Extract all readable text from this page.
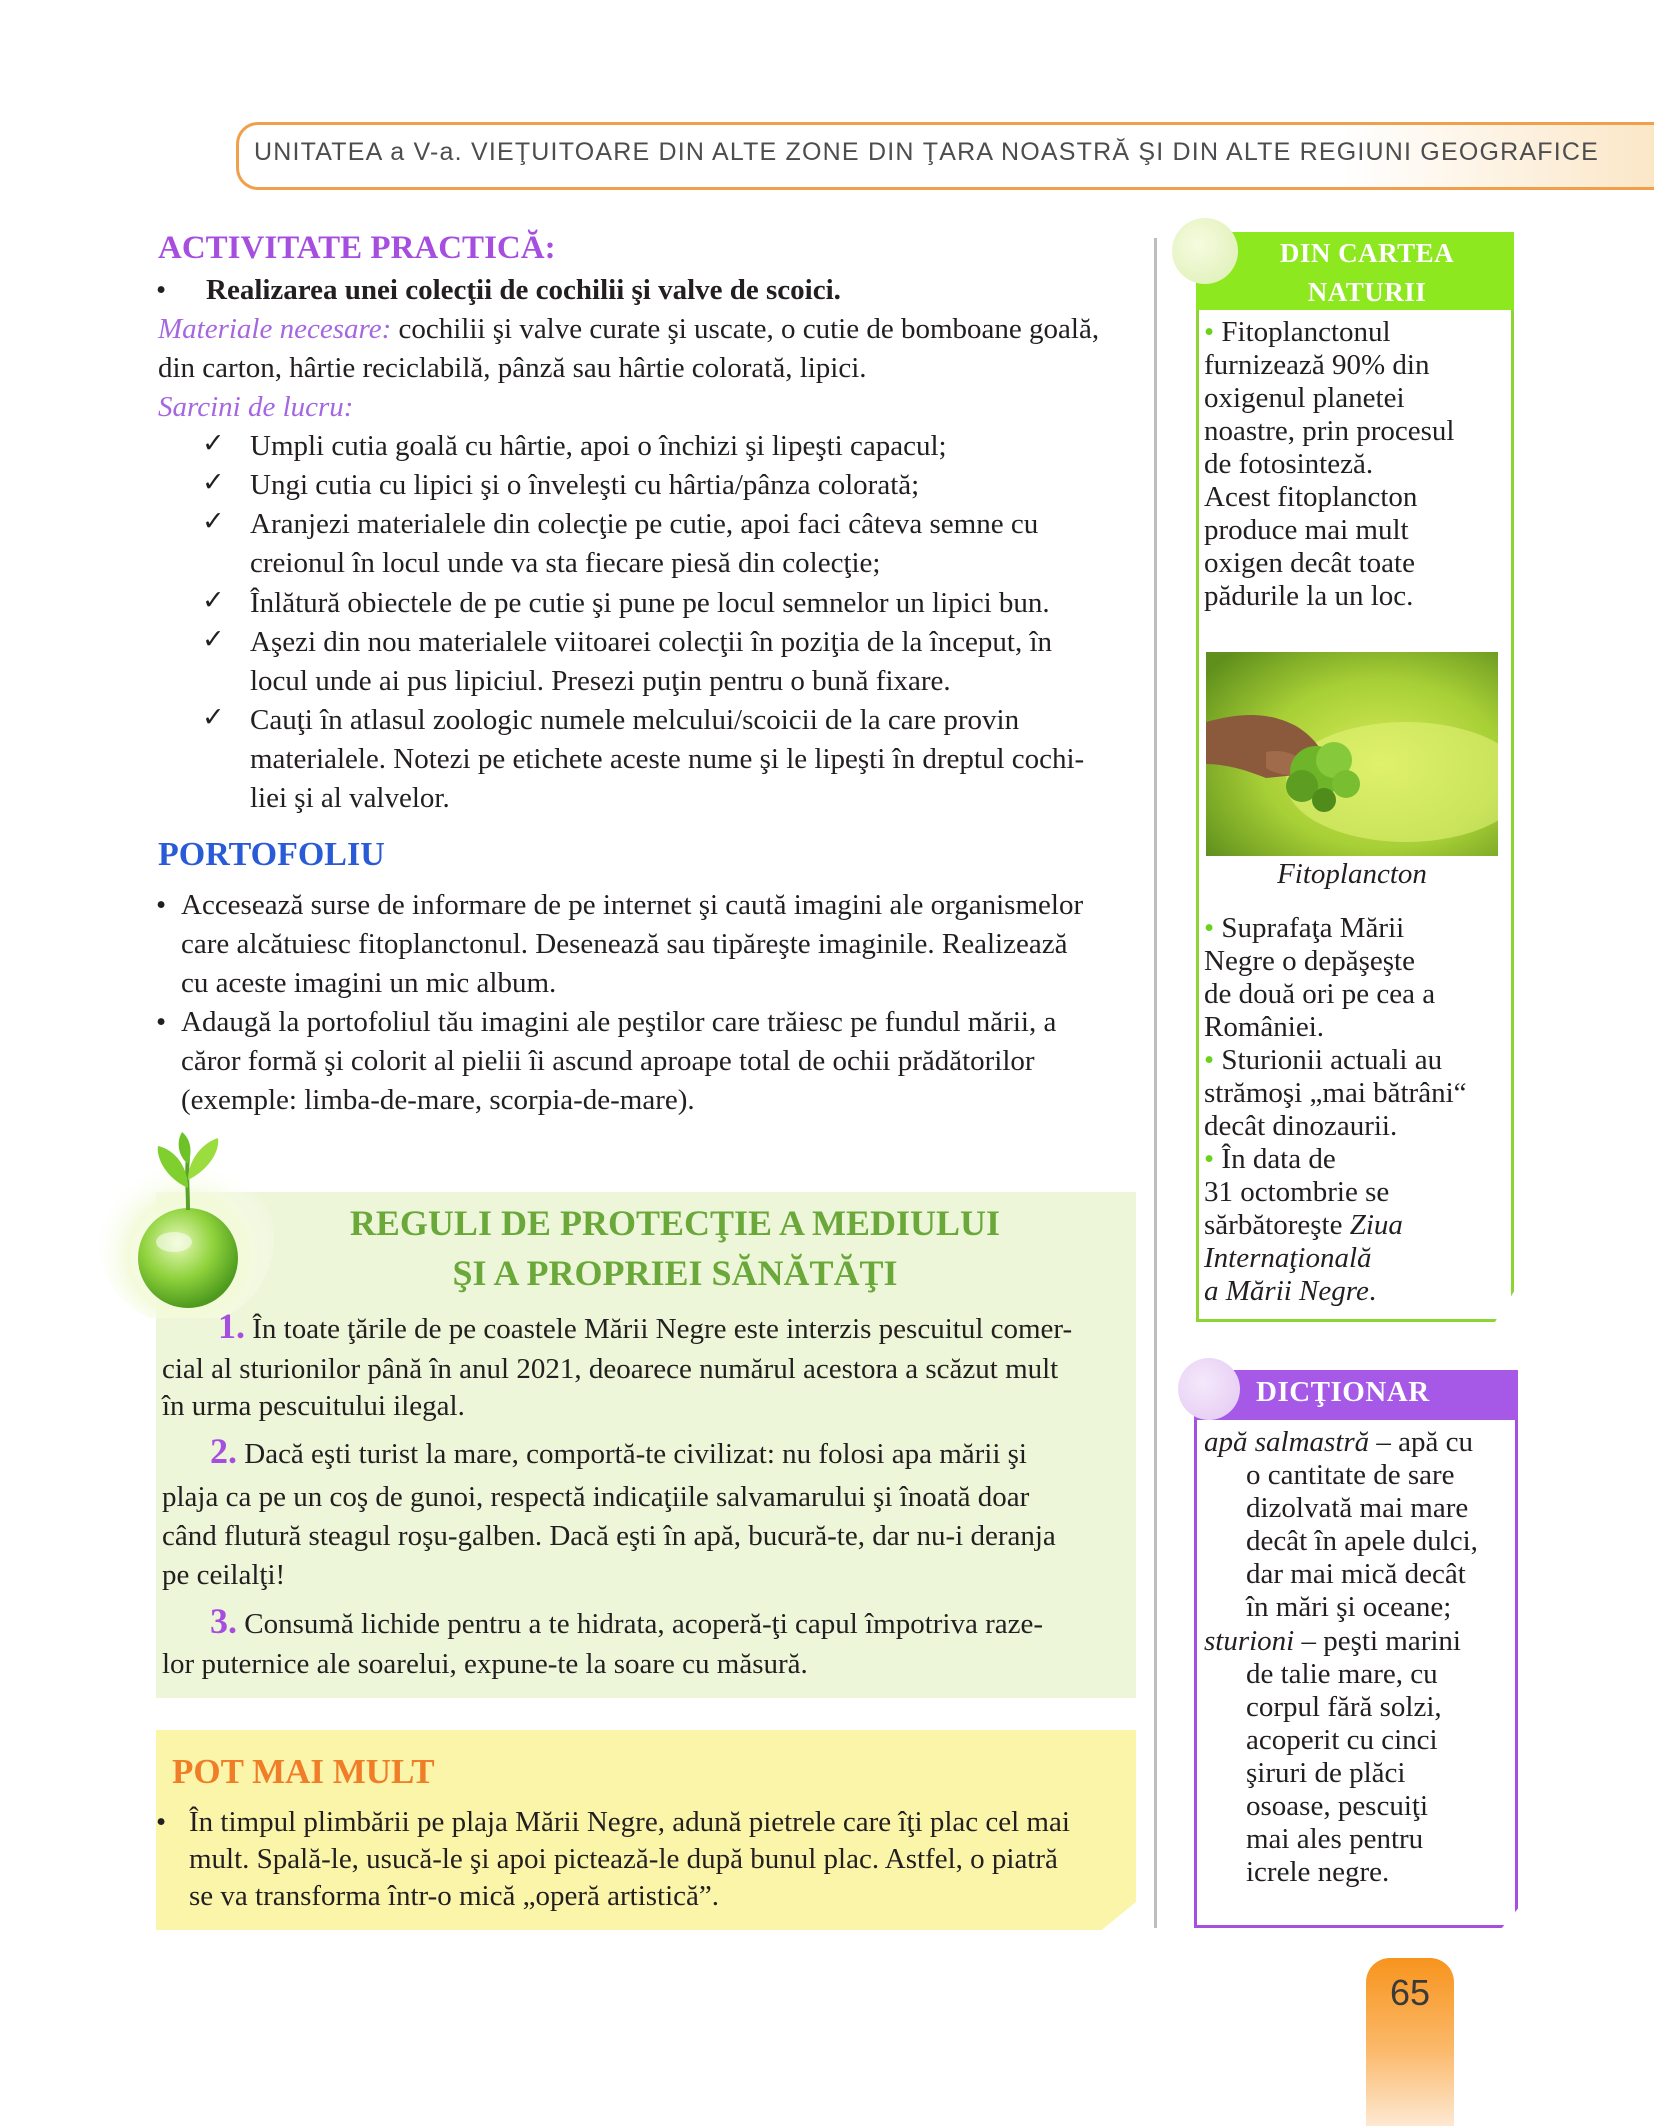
UNITATEA a V-a. VIEŢUITOARE DIN ALTE ZONE DIN ŢARA NOASTRĂ ŞI DIN ALTE REGIUNI GEOGRAFICE
ACTIVITATE PRACTICĂ:
• Realizarea unei colecţii de cochilii şi valve de scoici.
Materiale necesare: cochilii şi valve curate şi uscate, o cutie de bomboane goală,
din carton, hârtie reciclabilă, pânză sau hârtie colorată, lipici.
Sarcini de lucru:
✓ Umpli cutia goală cu hârtie, apoi o închizi şi lipeşti capacul;
✓ Ungi cutia cu lipici şi o înveleşti cu hârtia/pânza colorată;
✓ Aranjezi materialele din colecţie pe cutie, apoi faci câteva semne cu
creionul în locul unde va sta fiecare piesă din colecţie;
✓ Înlătură obiectele de pe cutie şi pune pe locul semnelor un lipici bun.
✓ Aşezi din nou materialele viitoarei colecţii în poziţia de la început, în
locul unde ai pus lipiciul. Presezi puţin pentru o bună fixare.
✓ Cauţi în atlasul zoologic numele melcului/scoicii de la care provin
materialele. Notezi pe etichete aceste nume şi le lipeşti în dreptul cochi-
liei şi al valvelor.
PORTOFOLIU
• Accesează surse de informare de pe internet şi caută imagini ale organismelor
care alcătuiesc fitoplanctonul. Desenează sau tipăreşte imaginile. Realizează
cu aceste imagini un mic album.
• Adaugă la portofoliul tău imagini ale peştilor care trăiesc pe fundul mării, a
căror formă şi colorit al pielii îi ascund aproape total de ochii prădătorilor
(exemple: limba-de-mare, scorpia-de-mare).
REGULI DE PROTECŢIE A MEDIULUI
ŞI A PROPRIEI SĂNĂTĂŢI
1. În toate ţările de pe coastele Mării Negre este interzis pescuitul comer-
cial al sturionilor până în anul 2021, deoarece numărul acestora a scăzut mult
în urma pescuitului ilegal.
2. Dacă eşti turist la mare, comportă-te civilizat: nu folosi apa mării şi
plaja ca pe un coş de gunoi, respectă indicaţiile salvamarului şi înoată doar
când flutură steagul roşu-galben. Dacă eşti în apă, bucură-te, dar nu-i deranja
pe ceilalţi!
3. Consumă lichide pentru a te hidrata, acoperă-ţi capul împotriva raze-
lor puternice ale soarelui, expune-te la soare cu măsură.
POT MAI MULT
• În timpul plimbării pe plaja Mării Negre, adună pietrele care îţi plac cel mai
mult. Spală-le, usucă-le şi apoi pictează-le după bunul plac. Astfel, o piatră
se va transforma într-o mică „operă artistică”.
DIN CARTEA
NATURII
• Fitoplanctonul
furnizează 90% din
oxigenul planetei
noastre, prin procesul
de fotosinteză.
Acest fitoplancton
produce mai mult
oxigen decât toate
pădurile la un loc.
Fitoplancton
• Suprafaţa Mării
Negre o depăşeşte
de două ori pe cea a
României.
• Sturionii actuali au
strămoşi „mai bătrâni“
decât dinozaurii.
• În data de
31 octombrie se
sărbătoreşte Ziua
Internaţională
a Mării Negre.
DICŢIONAR
apă salmastră – apă cu
o cantitate de sare
dizolvată mai mare
decât în apele dulci,
dar mai mică decât
în mări şi oceane;
sturioni – peşti marini
de talie mare, cu
corpul fără solzi,
acoperit cu cinci
şiruri de plăci
osoase, pescuiţi
mai ales pentru
icrele negre.
65
